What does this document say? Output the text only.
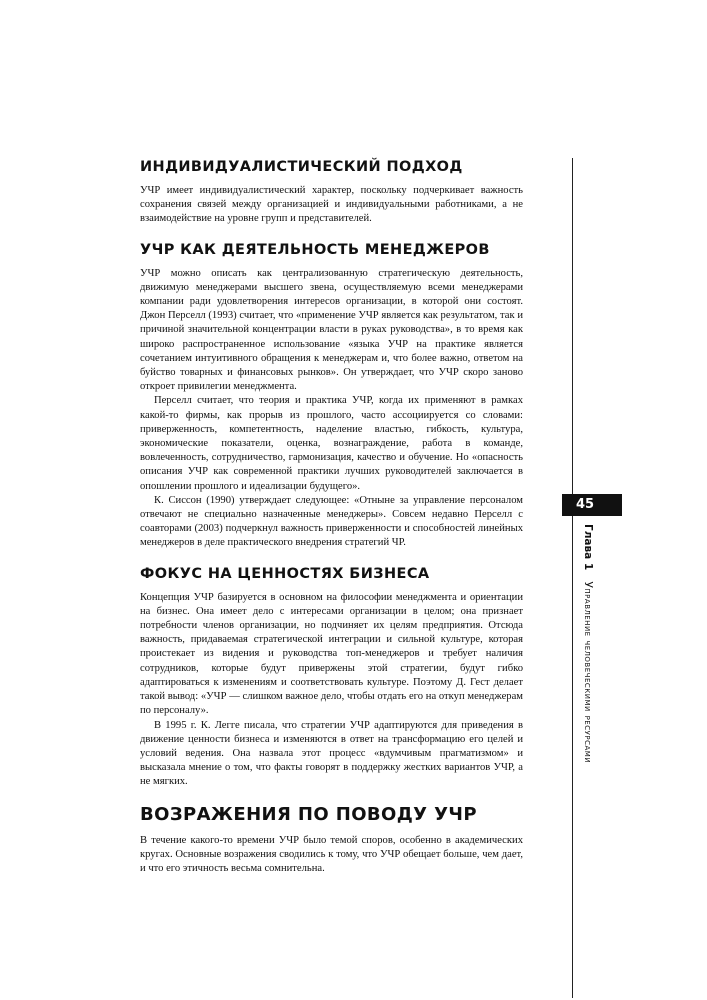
ИНДИВИДУАЛИСТИЧЕСКИЙ ПОДХОД

УЧР имеет индивидуалистический характер, поскольку подчеркивает важность сохранения связей между организацией и индивидуальными работниками, а не взаимодействие на уровне групп и представителей.

УЧР КАК ДЕЯТЕЛЬНОСТЬ МЕНЕДЖЕРОВ

УЧР можно описать как централизованную стратегическую деятельность, движимую менеджерами высшего звена, осуществляемую всеми менеджерами компании ради удовлетворения интересов организации, в которой они состоят. Джон Перселл (1993) считает, что «применение УЧР является как результатом, так и причиной значительной концентрации власти в руках руководства», в то время как широко распространенное использование «языка УЧР на практике является сочетанием интуитивного обращения к менеджерам и, что более важно, ответом на буйство товарных и финансовых рынков». Он утверждает, что УЧР скоро заново откроет привилегии менеджмента.

Перселл считает, что теория и практика УЧР, когда их применяют в рамках какой-то фирмы, как прорыв из прошлого, часто ассоциируется со словами: приверженность, компетентность, наделение властью, гибкость, культура, экономические показатели, оценка, вознаграждение, работа в команде, вовлеченность, сотрудничество, гармонизация, качество и обучение. Но «опасность описания УЧР как современной практики лучших руководителей заключается в опошлении прошлого и идеализации будущего».

К. Сиссон (1990) утверждает следующее: «Отныне за управление персоналом отвечают не специально назначенные менеджеры». Совсем недавно Перселл с соавторами (2003) подчеркнул важность приверженности и способностей линейных менеджеров в деле практического внедрения стратегий ЧР.

ФОКУС НА ЦЕННОСТЯХ БИЗНЕСА

Концепция УЧР базируется в основном на философии менеджмента и ориентации на бизнес. Она имеет дело с интересами организации в целом; она признает потребности членов организации, но подчиняет их целям предприятия. Отсюда важность, придаваемая стратегической интеграции и сильной культуре, которая проистекает из видения и руководства топ-менеджеров и требует наличия сотрудников, которые будут привержены этой стратегии, будут гибко адаптироваться к изменениям и соответствовать культуре. Поэтому Д. Гест делает такой вывод: «УЧР — слишком важное дело, чтобы отдать его на откуп менеджерам по персоналу».

В 1995 г. К. Легге писала, что стратегии УЧР адаптируются для приведения в движение ценности бизнеса и изменяются в ответ на трансформацию его целей и условий ведения. Она назвала этот процесс «вдумчивым прагматизмом» и высказала мнение о том, что факты говорят в поддержку жестких вариантов УЧР, а не мягких.

ВОЗРАЖЕНИЯ ПО ПОВОДУ УЧР

В течение какого-то времени УЧР было темой споров, особенно в академических кругах. Основные возражения сводились к тому, что УЧР обещает больше, чем дает, и что его этичность весьма сомнительна.

45
Глава 1 Управление человеческими ресурсами
